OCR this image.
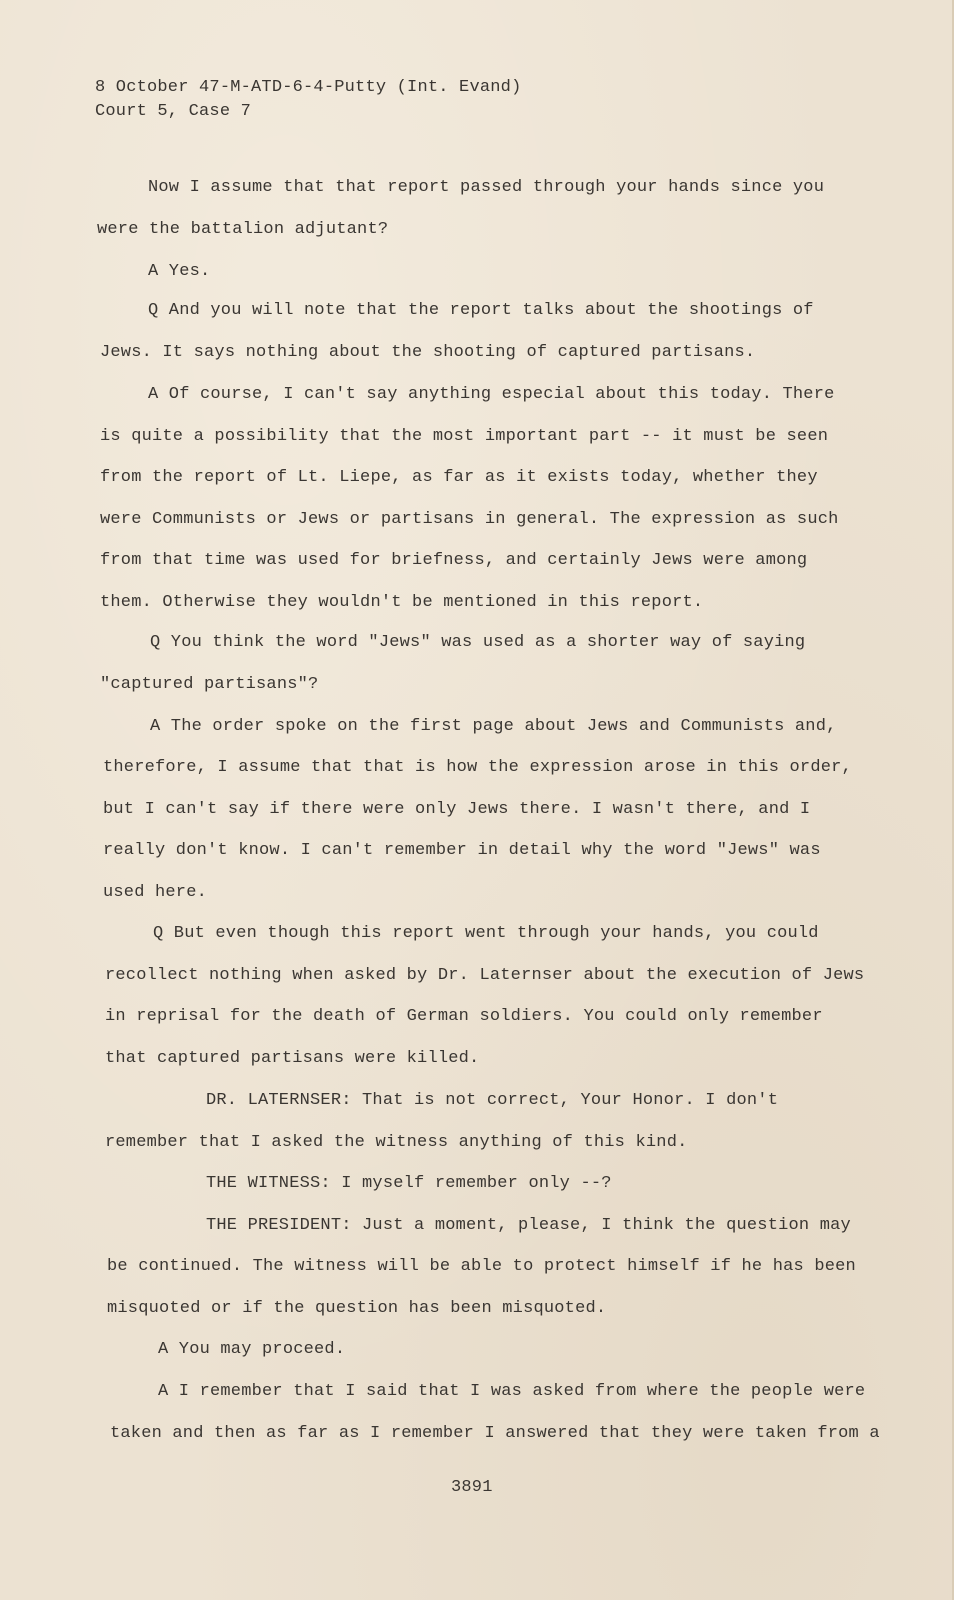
8 October 47-M-ATD-6-4-Putty (Int. Evand)
Court 5, Case 7
Now I assume that that report passed through your hands since you
were the battalion adjutant?
A Yes.
Q And you will note that the report talks about the shootings of
Jews. It says nothing about the shooting of captured partisans.
A Of course, I can't say anything especial about this today. There
is quite a possibility that the most important part -- it must be seen
from the report of Lt. Liepe, as far as it exists today, whether they
were Communists or Jews or partisans in general. The expression as such
from that time was used for briefness, and certainly Jews were among
them. Otherwise they wouldn't be mentioned in this report.
Q You think the word "Jews" was used as a shorter way of saying
"captured partisans"?
A The order spoke on the first page about Jews and Communists and,
therefore, I assume that that is how the expression arose in this order,
but I can't say if there were only Jews there. I wasn't there, and I
really don't know. I can't remember in detail why the word "Jews" was
used here.
Q But even though this report went through your hands, you could
recollect nothing when asked by Dr. Laternser about the execution of Jews
in reprisal for the death of German soldiers. You could only remember
that captured partisans were killed.
DR. LATERNSER: That is not correct, Your Honor. I don't
remember that I asked the witness anything of this kind.
THE WITNESS: I myself remember only --?
THE PRESIDENT: Just a moment, please, I think the question may
be continued. The witness will be able to protect himself if he has been
misquoted or if the question has been misquoted.
A You may proceed.
A I remember that I said that I was asked from where the people were
taken and then as far as I remember I answered that they were taken from a
3891
